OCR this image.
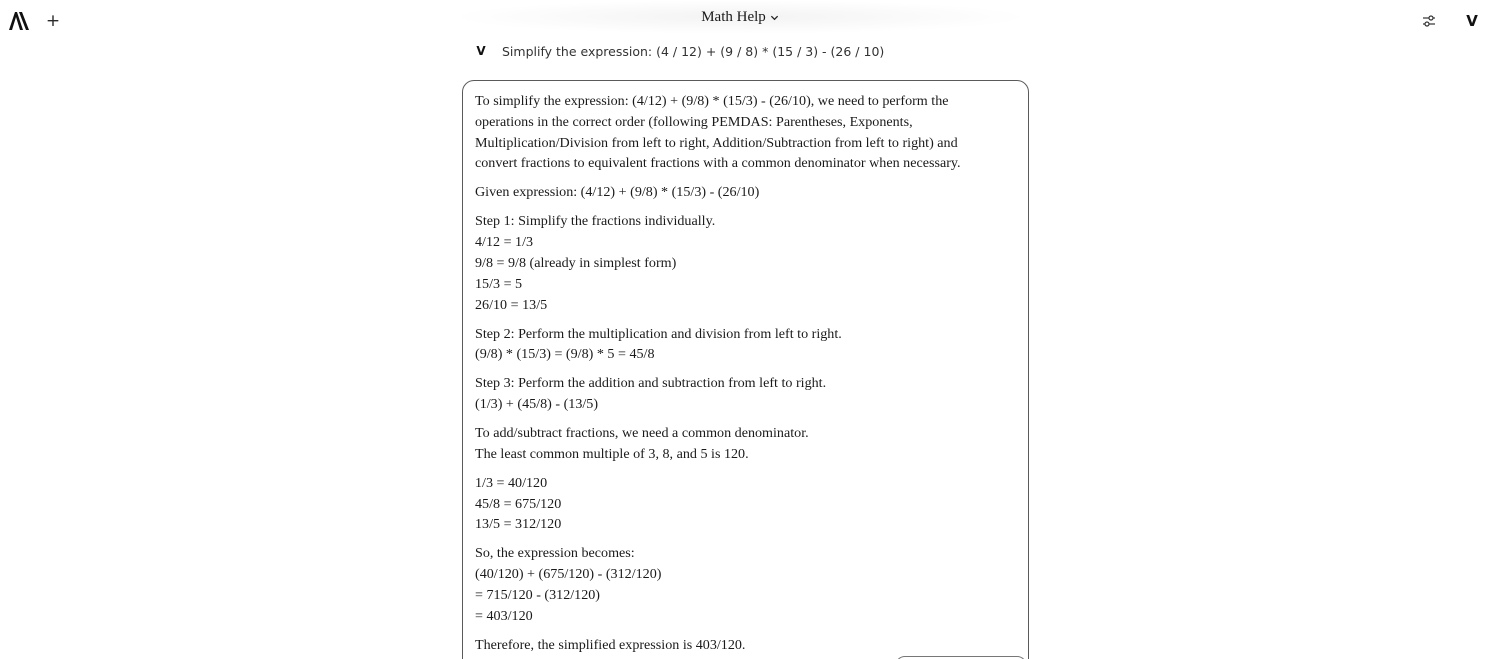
+	Math Help	V
V Simplify the expression: (4 / 12) + (9 / 8) * (15 / 3) - (26 / 10)
To simplify the expression: (4/12) + (9/8) * (15/3) - (26/10), we need to perform the
operations in the correct order (following PEMDAS: Parentheses, Exponents,
Multiplication/Division from left to right, Addition/Subtraction from left to right) and
convert fractions to equivalent fractions with a common denominator when necessary.
Given expression: (4/12) + (9/8) * (15/3) - (26/10)
Step 1: Simplify the fractions individually.
4/12 = 1/3
9/8 = 9/8 (already in simplest form)
15/3 = 5
26/10 = 13/5
Step 2: Perform the multiplication and division from left to right.
(9/8) * (15/3) = (9/8) * 5 = 45/8
Step 3: Perform the addition and subtraction from left to right.
(1/3) + (45/8) - (13/5)
To add/subtract fractions, we need a common denominator.
The least common multiple of 3, 8, and 5 is 120.
1/3 = 40/120
45/8 = 675/120
13/5 = 312/120
So, the expression becomes:
(40/120) + (675/120) - (312/120)
= 715/120 - (312/120)
= 403/120
Therefore, the simplified expression is 403/120.
